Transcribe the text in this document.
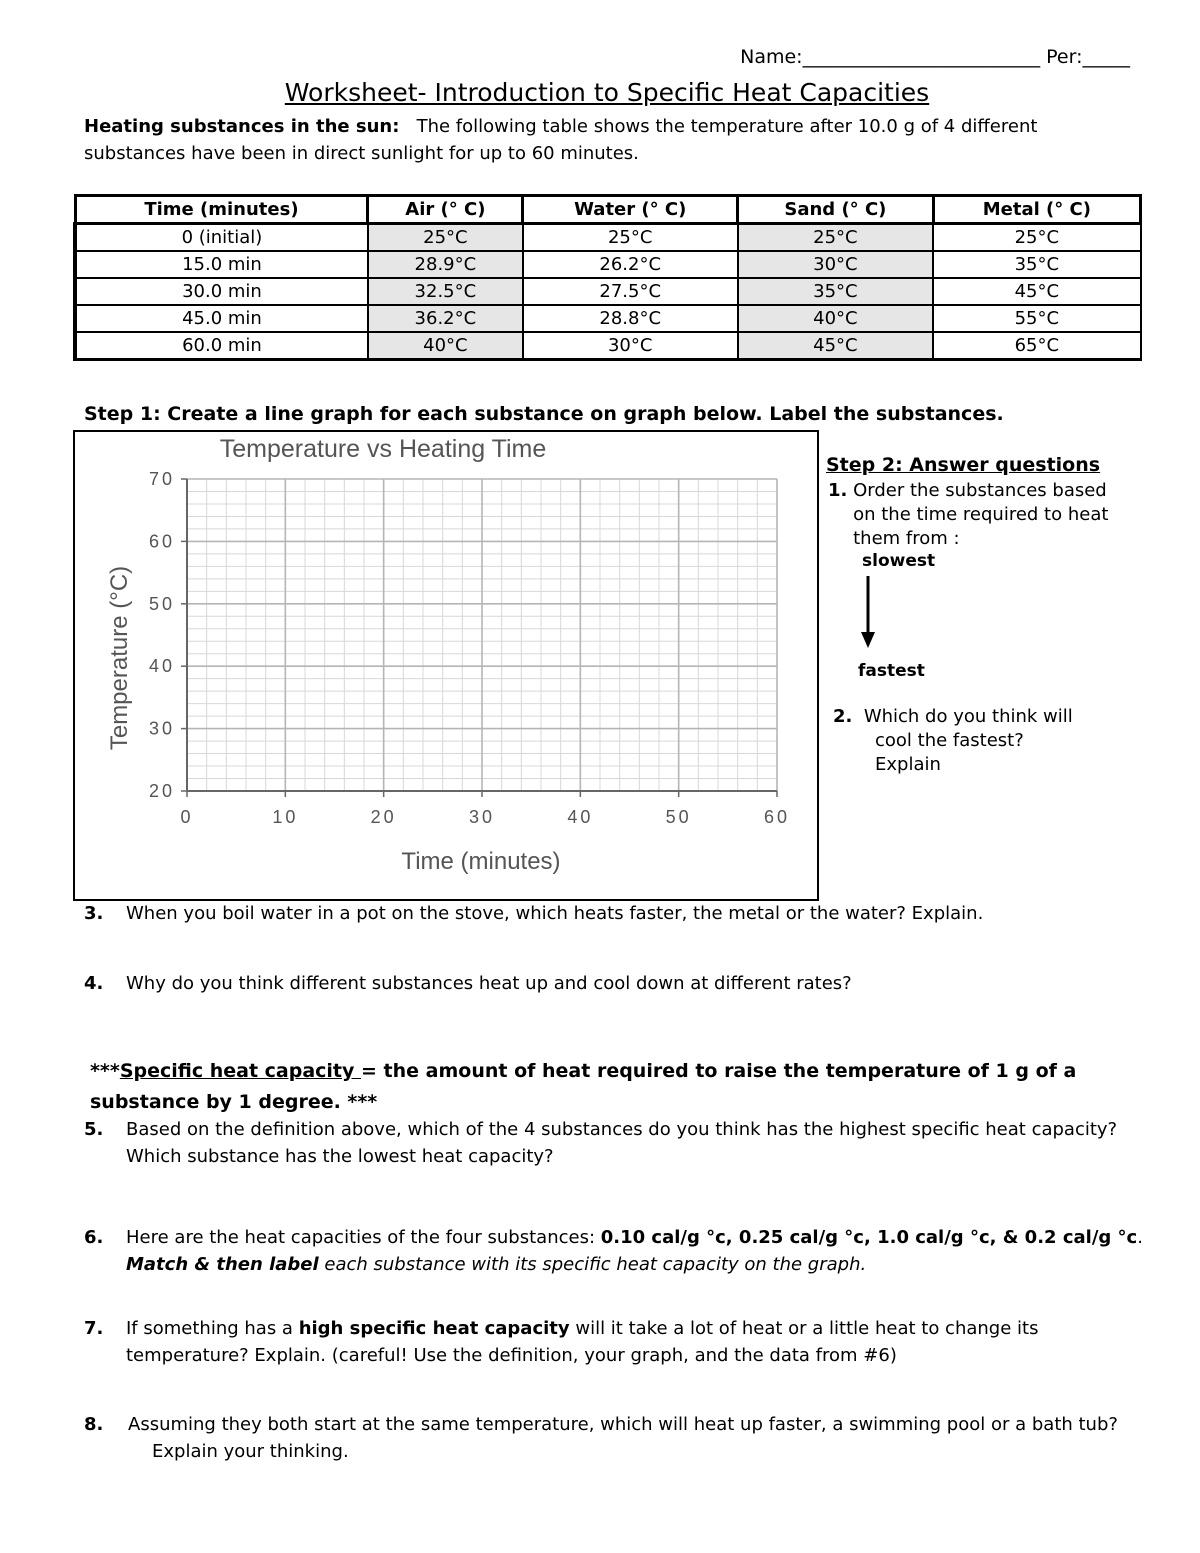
Name:_________________________ Per:_____
Worksheet- Introduction to Specific Heat Capacities
Heating substances in the sun: The following table shows the temperature after 10.0 g of 4 different substances have been in direct sunlight for up to 60 minutes.
Time (minutes)	Air (° C)	Water (° C)	Sand (° C)	Metal (° C)
0 (initial)	25°C	25°C	25°C	25°C
15.0 min	28.9°C	26.2°C	30°C	35°C
30.0 min	32.5°C	27.5°C	35°C	45°C
45.0 min	36.2°C	28.8°C	40°C	55°C
60.0 min	40°C	30°C	45°C	65°C
Step 1: Create a line graph for each substance on graph below. Label the substances.
0	10	20	30	40	50	60
20
30
40
50
60
70
Temperature vs Heating Time
Time (minutes)
Temperature (°C)
Step 2: Answer questions
1. Order the substances based on the time required to heat them from :
slowest
fastest
2. Which do you think will
cool the fastest?
Explain
3. When you boil water in a pot on the stove, which heats faster, the metal or the water? Explain.
4. Why do you think different substances heat up and cool down at different rates?
***Specific heat capacity = the amount of heat required to raise the temperature of 1 g of a substance by 1 degree. ***
5. Based on the definition above, which of the 4 substances do you think has the highest specific heat capacity? Which substance has the lowest heat capacity?
6. Here are the heat capacities of the four substances: 0.10 cal/g °c, 0.25 cal/g °c, 1.0 cal/g °c, & 0.2 cal/g °c. Match & then label each substance with its specific heat capacity on the graph.
7. If something has a high specific heat capacity will it take a lot of heat or a little heat to change its temperature? Explain. (careful! Use the definition, your graph, and the data from #6)
8. Assuming they both start at the same temperature, which will heat up faster, a swimming pool or a bath tub?
Explain your thinking.
